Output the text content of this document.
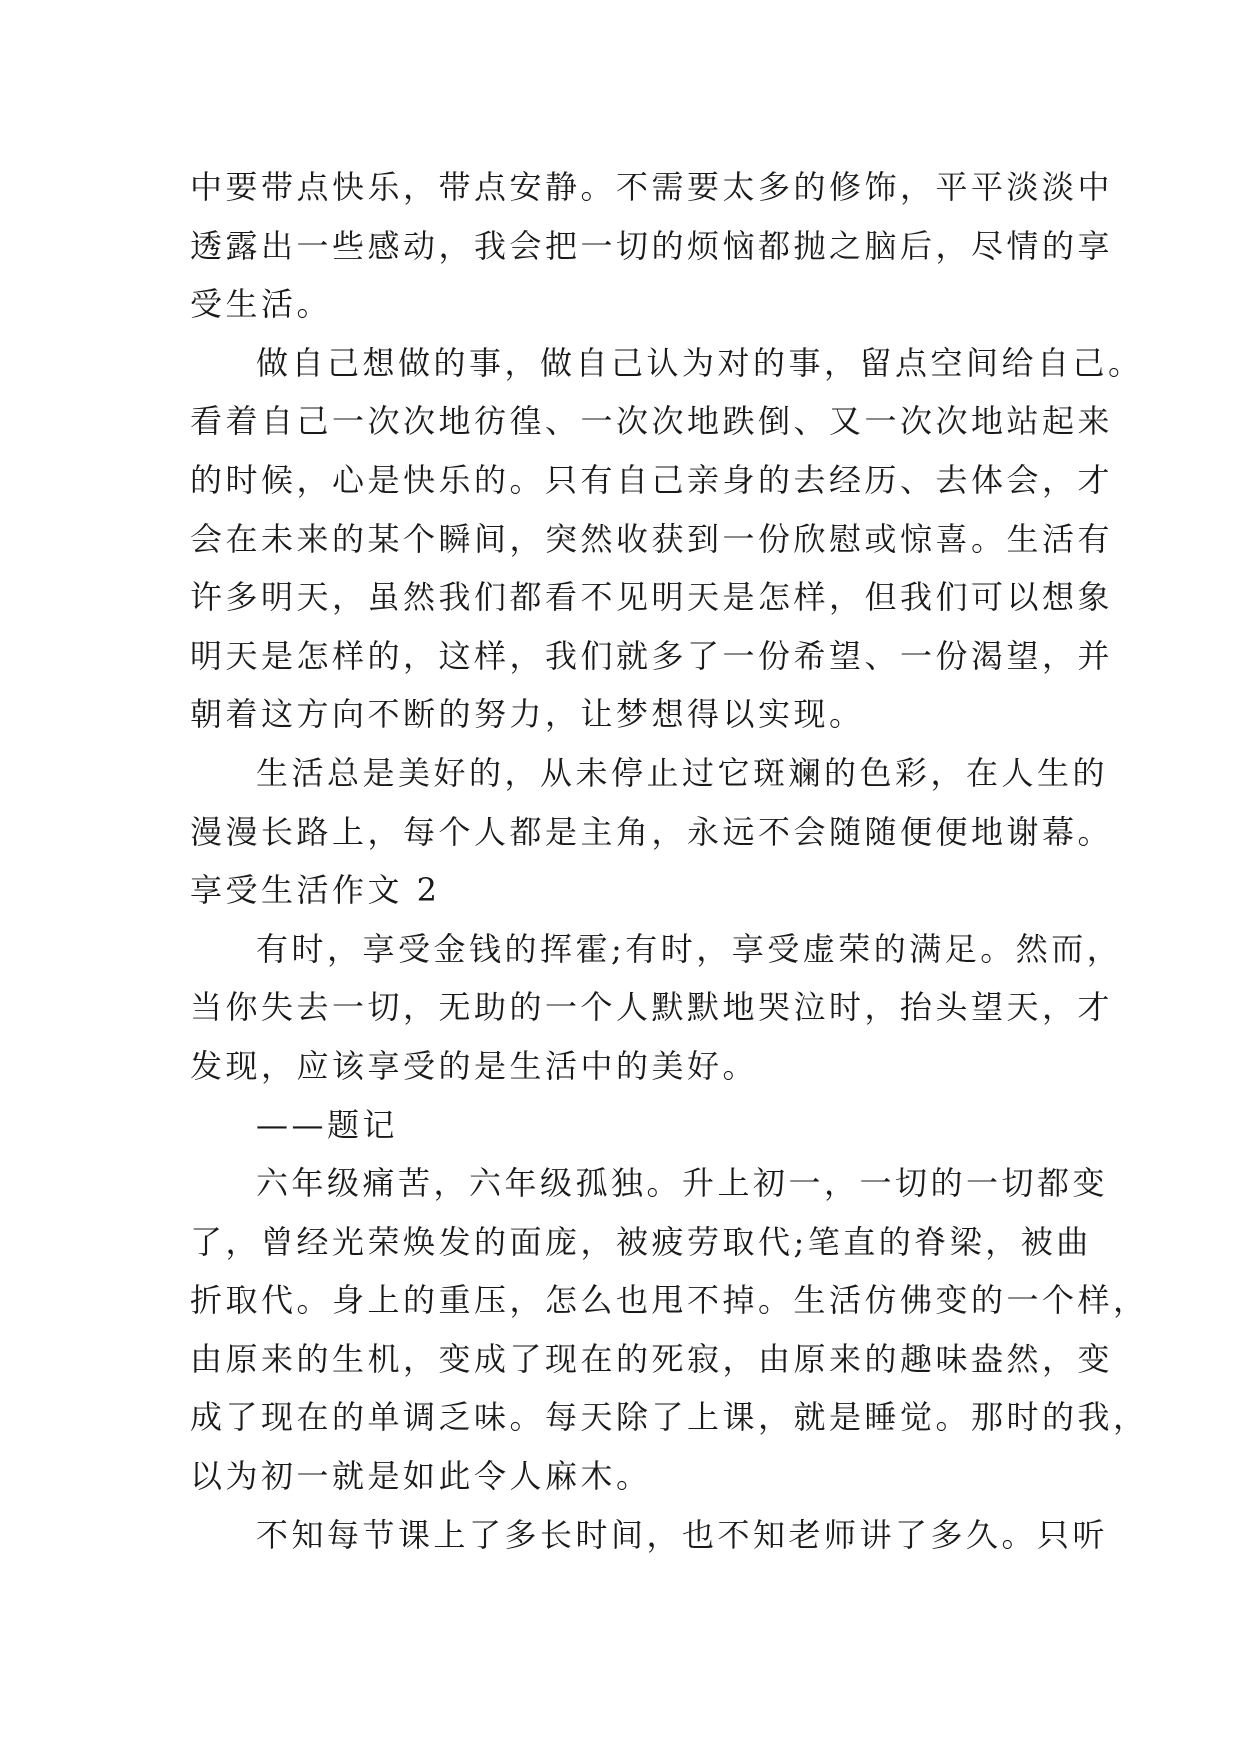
中要带点快乐，带点安静。不需要太多的修饰，平平淡淡中
透露出一些感动，我会把一切的烦恼都抛之脑后，尽情的享
受生活。
做自己想做的事，做自己认为对的事，留点空间给自己。
看着自己一次次地彷徨、一次次地跌倒、又一次次地站起来
的时候，心是快乐的。只有自己亲身的去经历、去体会，才
会在未来的某个瞬间，突然收获到一份欣慰或惊喜。生活有
许多明天，虽然我们都看不见明天是怎样，但我们可以想象
明天是怎样的，这样，我们就多了一份希望、一份渴望，并
朝着这方向不断的努力，让梦想得以实现。
生活总是美好的，从未停止过它斑斓的色彩，在人生的
漫漫长路上，每个人都是主角，永远不会随随便便地谢幕。
享受生活作文 2
有时，享受金钱的挥霍;有时，享受虚荣的满足。然而，
当你失去一切，无助的一个人默默地哭泣时，抬头望天，才
发现，应该享受的是生活中的美好。
——题记
六年级痛苦，六年级孤独。升上初一，一切的一切都变
了，曾经光荣焕发的面庞，被疲劳取代;笔直的脊梁，被曲
折取代。身上的重压，怎么也甩不掉。生活仿佛变的一个样，
由原来的生机，变成了现在的死寂，由原来的趣味盎然，变
成了现在的单调乏味。每天除了上课，就是睡觉。那时的我，
以为初一就是如此令人麻木。
不知每节课上了多长时间，也不知老师讲了多久。只听
